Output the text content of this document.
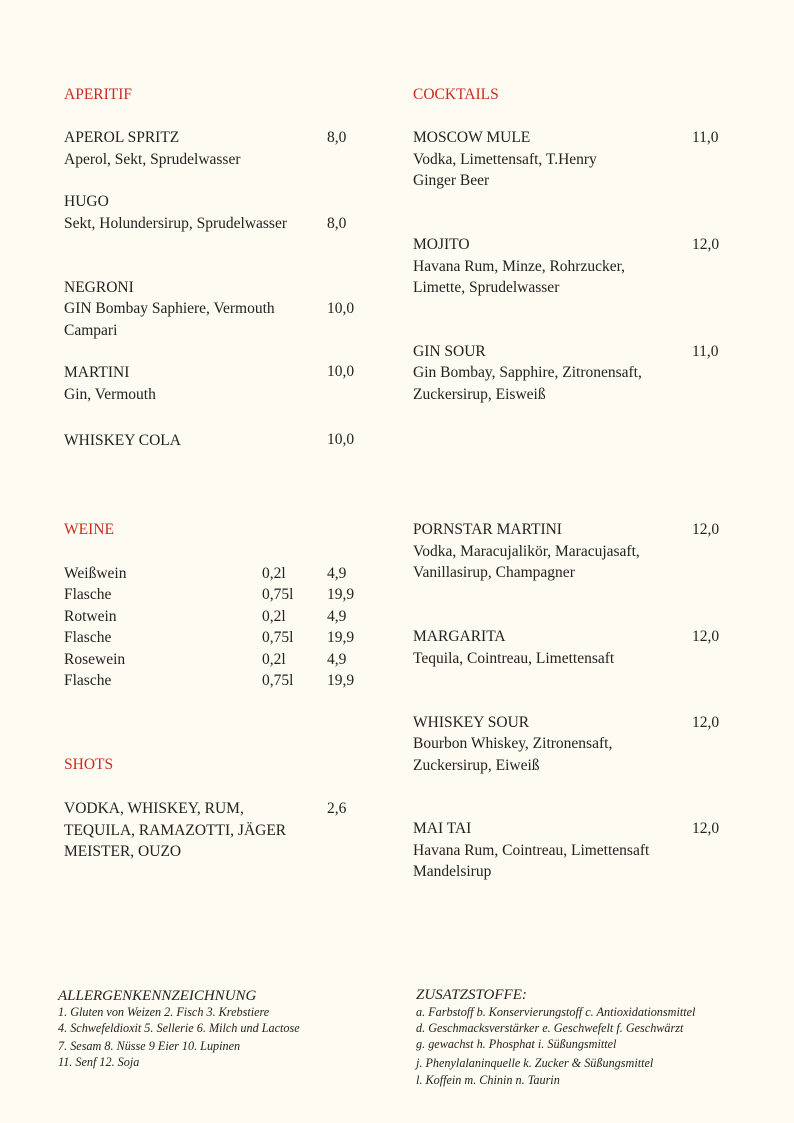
APERITIF
APEROL SPRITZ	8,0
Aperol, Sekt, Sprudelwasser
HUGO
Sekt, Holundersirup, Sprudelwasser	8,0
NEGRONI
GIN Bombay Saphiere, Vermouth	10,0
Campari
MARTINI	10,0
Gin, Vermouth
WHISKEY COLA	10,0
WEINE
Weißwein	0,2l	4,9
Flasche	0,75l 19,9
Rotwein	0,2l	4,9
Flasche	0,75l 19,9
Rosewein	0,2l	4,9
Flasche	0,75l 19,9
SHOTS
VODKA, WHISKEY, RUM,	2,6
TEQUILA, RAMAZOTTI, JÄGER
MEISTER, OUZO
COCKTAILS
MOSCOW MULE	11,0
Vodka, Limettensaft, T.Henry
Ginger Beer
MOJITO	12,0
Havana Rum, Minze, Rohrzucker,
Limette, Sprudelwasser
GIN SOUR	11,0
Gin Bombay, Sapphire, Zitronensaft,
Zuckersirup, Eisweiß
PORNSTAR MARTINI	12,0
Vodka, Maracujalikör, Maracujasaft,
Vanillasirup, Champagner
MARGARITA	12,0
Tequila, Cointreau, Limettensaft
WHISKEY SOUR	12,0
Bourbon Whiskey, Zitronensaft,
Zuckersirup, Eiweiß
MAI TAI	12,0
Havana Rum, Cointreau, Limettensaft
Mandelsirup
ALLERGENKENNZEICHNUNG
1. Gluten von Weizen 2. Fisch 3. Krebstiere
4. Schwefeldioxit 5. Sellerie 6. Milch und Lactose
7. Sesam 8. Nüsse 9 Eier 10. Lupinen
11. Senf 12. Soja
ZUSATZSTOFFE:
a. Farbstoff b. Konservierungstoff c. Antioxidationsmittel
d. Geschmacksverstärker e. Geschwefelt f. Geschwärzt
g. gewachst h. Phosphat i. Süßungsmittel
j. Phenylalaninquelle k. Zucker & Süßungsmittel
l. Koffein m. Chinin n. Taurin
